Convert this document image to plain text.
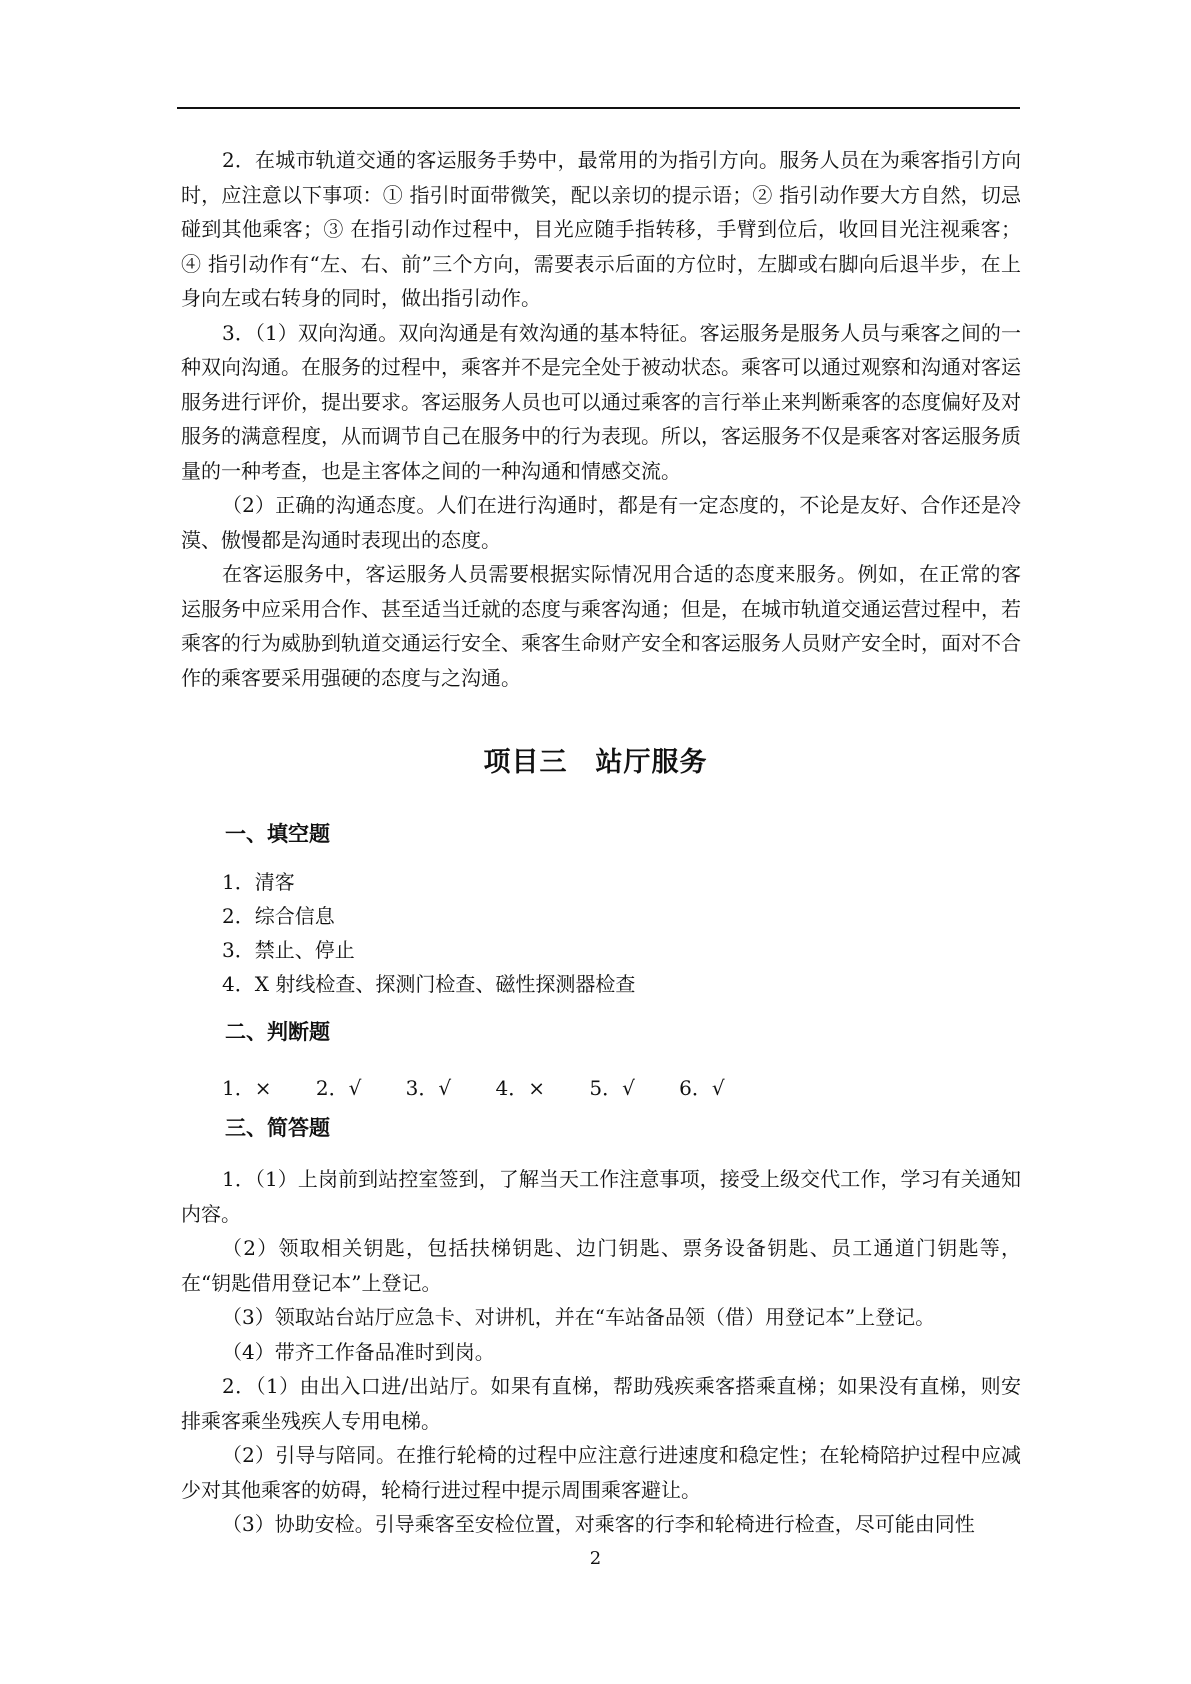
2．在城市轨道交通的客运服务手势中，最常用的为指引方向。服务人员在为乘客指引方向时，应注意以下事项：① 指引时面带微笑，配以亲切的提示语；② 指引动作要大方自然，切忌碰到其他乘客；③ 在指引动作过程中，目光应随手指转移，手臂到位后，收回目光注视乘客；④ 指引动作有“左、右、前”三个方向，需要表示后面的方位时，左脚或右脚向后退半步，在上身向左或右转身的同时，做出指引动作。

3．（1）双向沟通。双向沟通是有效沟通的基本特征。客运服务是服务人员与乘客之间的一种双向沟通。在服务的过程中，乘客并不是完全处于被动状态。乘客可以通过观察和沟通对客运服务进行评价，提出要求。客运服务人员也可以通过乘客的言行举止来判断乘客的态度偏好及对服务的满意程度，从而调节自己在服务中的行为表现。所以，客运服务不仅是乘客对客运服务质量的一种考查，也是主客体之间的一种沟通和情感交流。

（2）正确的沟通态度。人们在进行沟通时，都是有一定态度的，不论是友好、合作还是冷漠、傲慢都是沟通时表现出的态度。

在客运服务中，客运服务人员需要根据实际情况用合适的态度来服务。例如，在正常的客运服务中应采用合作、甚至适当迁就的态度与乘客沟通；但是，在城市轨道交通运营过程中，若乘客的行为威胁到轨道交通运行安全、乘客生命财产安全和客运服务人员财产安全时，面对不合作的乘客要采用强硬的态度与之沟通。

项目三　站厅服务
一、填空题
1．清客
2．综合信息
3．禁止、停止
4．X 射线检查、探测门检查、磁性探测器检查
二、判断题
1．× 2．√ 3．√ 4．× 5．√ 6．√
三、简答题

1．（1）上岗前到站控室签到，了解当天工作注意事项，接受上级交代工作，学习有关通知内容。

（2）领取相关钥匙，包括扶梯钥匙、边门钥匙、票务设备钥匙、员工通道门钥匙等，在“钥匙借用登记本”上登记。

（3）领取站台站厅应急卡、对讲机，并在“车站备品领（借）用登记本”上登记。

（4）带齐工作备品准时到岗。

2．（1）由出入口进/出站厅。如果有直梯，帮助残疾乘客搭乘直梯；如果没有直梯，则安排乘客乘坐残疾人专用电梯。

（2）引导与陪同。在推行轮椅的过程中应注意行进速度和稳定性；在轮椅陪护过程中应减少对其他乘客的妨碍，轮椅行进过程中提示周围乘客避让。

（3）协助安检。引导乘客至安检位置，对乘客的行李和轮椅进行检查，尽可能由同性

2
